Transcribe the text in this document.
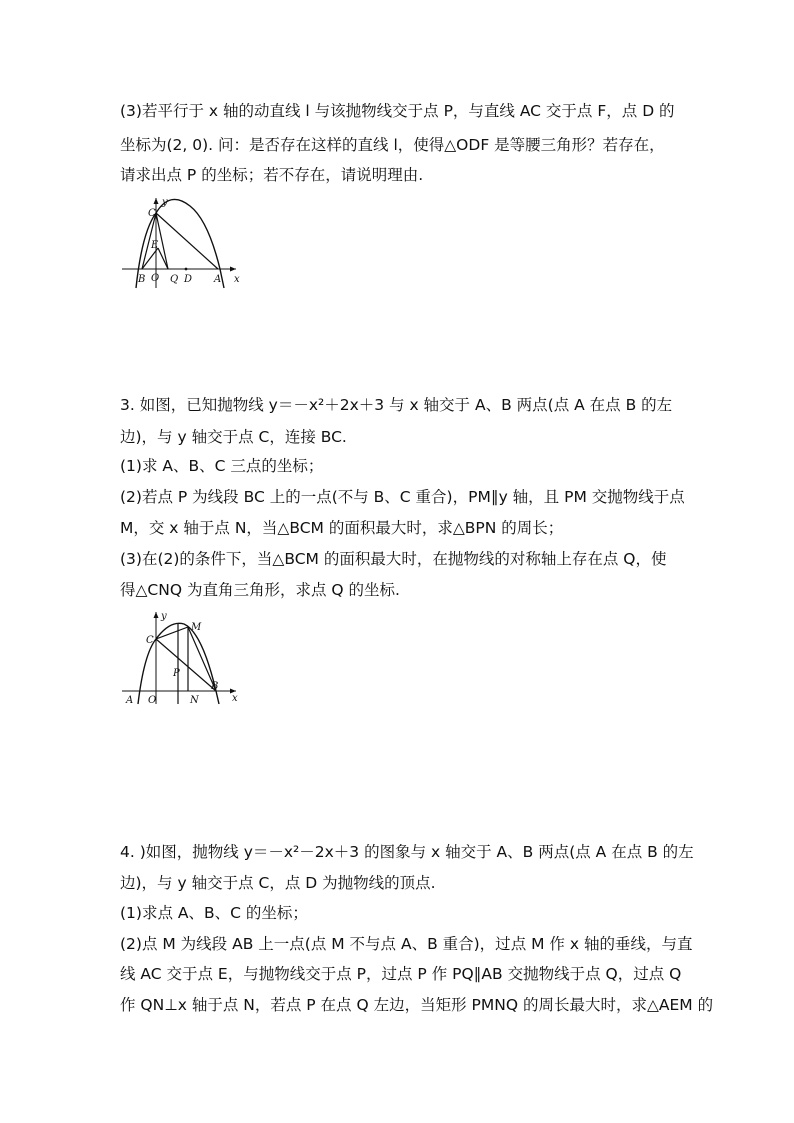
(3)若平行于 x 轴的动直线 l 与该抛物线交于点 P，与直线 AC 交于点 F，点 D 的
坐标为(2, 0). 问：是否存在这样的直线 l，使得△ODF 是等腰三角形？若存在，
请求出点 P 的坐标；若不存在，请说明理由.
C
y
E
B O Q D A x
3. 如图，已知抛物线 y＝－x²＋2x＋3 与 x 轴交于 A、B 两点(点 A 在点 B 的左
边)，与 y 轴交于点 C，连接 BC.
(1)求 A、B、C 三点的坐标；
(2)若点 P 为线段 BC 上的一点(不与 B、C 重合)，PM∥y 轴，且 PM 交抛物线于点
M，交 x 轴于点 N，当△BCM 的面积最大时，求△BPN 的周长；
(3)在(2)的条件下，当△BCM 的面积最大时，在抛物线的对称轴上存在点 Q，使
得△CNQ 为直角三角形，求点 Q 的坐标.
y
C
M
P
B
A O	N	x
4. )如图，抛物线 y＝－x²－2x＋3 的图象与 x 轴交于 A、B 两点(点 A 在点 B 的左
边)，与 y 轴交于点 C，点 D 为抛物线的顶点.
(1)求点 A、B、C 的坐标；
(2)点 M 为线段 AB 上一点(点 M 不与点 A、B 重合)，过点 M 作 x 轴的垂线，与直
线 AC 交于点 E，与抛物线交于点 P，过点 P 作 PQ∥AB 交抛物线于点 Q，过点 Q
作 QN⊥x 轴于点 N，若点 P 在点 Q 左边，当矩形 PMNQ 的周长最大时，求△AEM 的
